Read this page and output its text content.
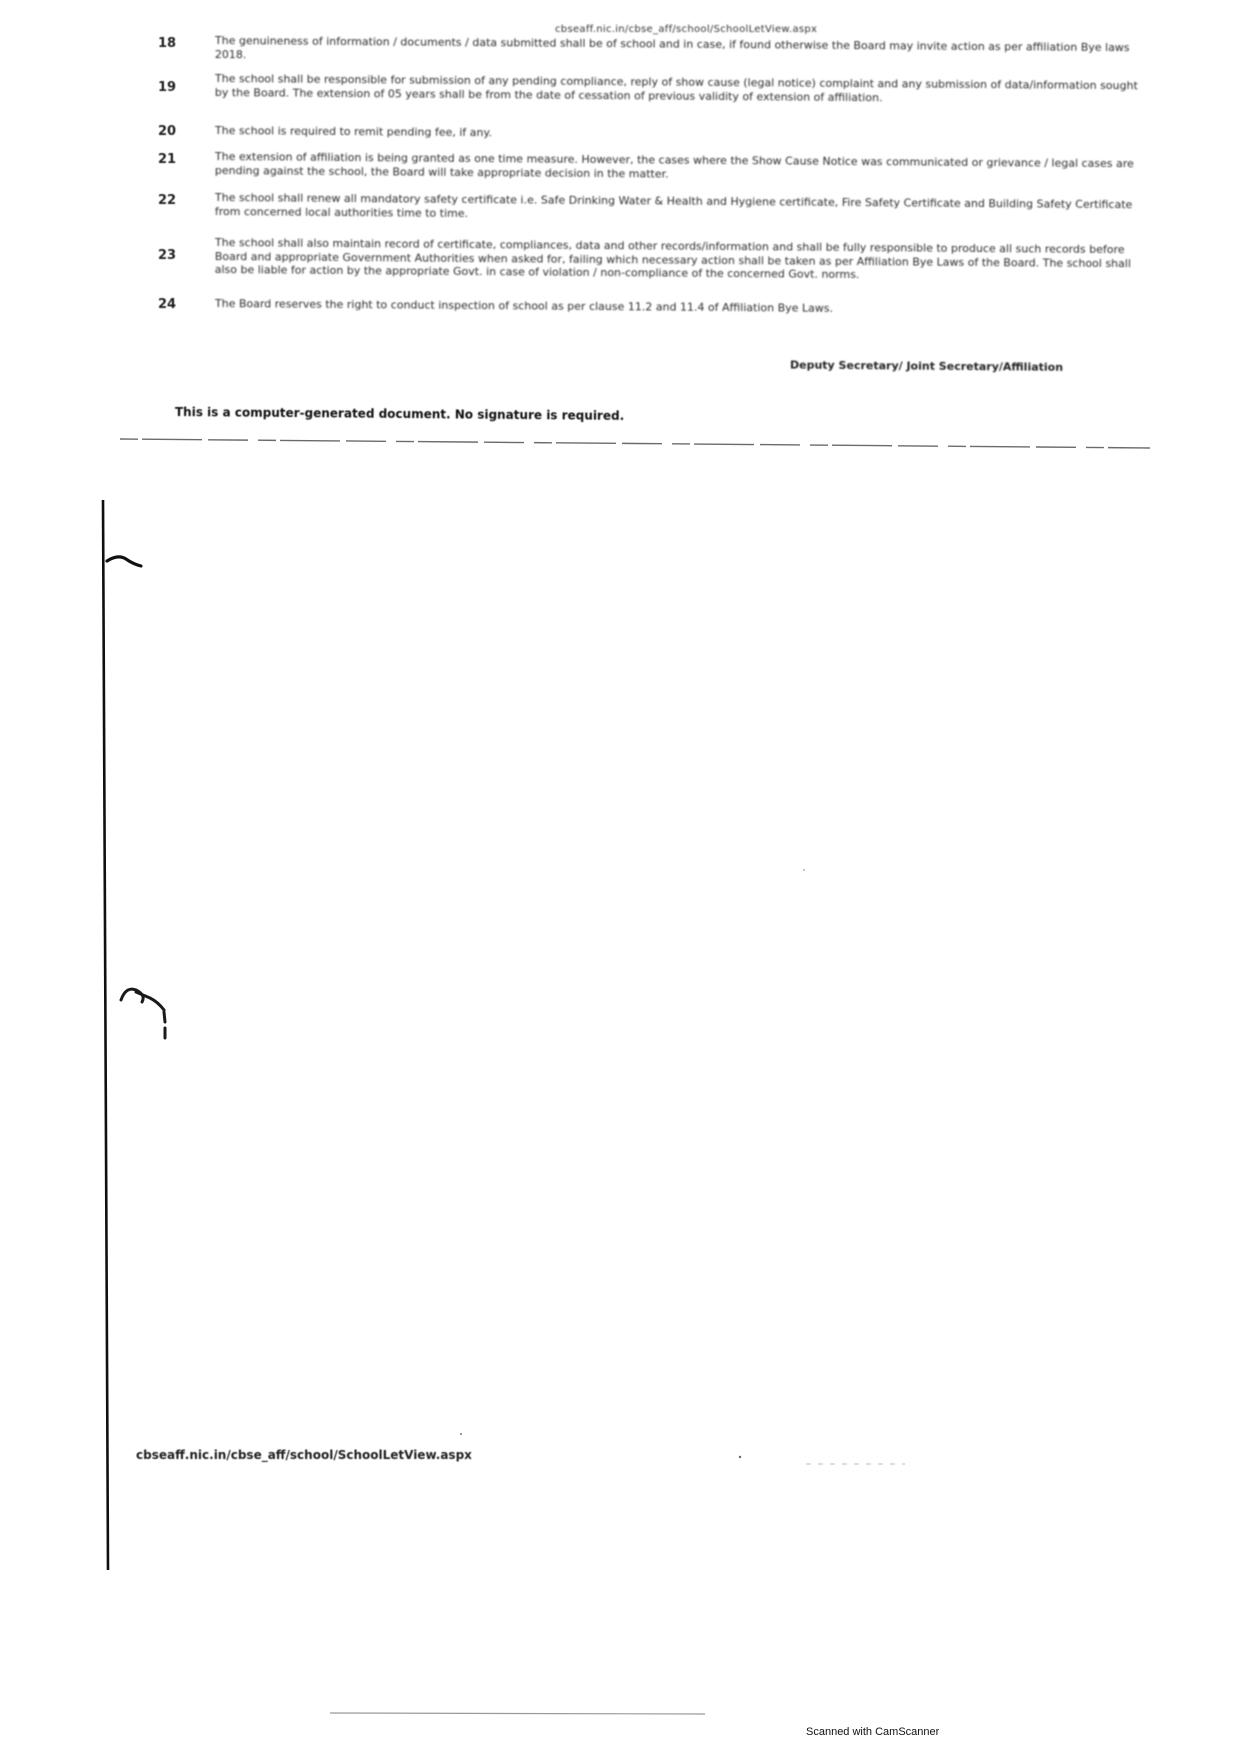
cbseaff.nic.in/cbse_aff/school/SchoolLetView.aspx
18	The genuineness of information / documents / data submitted shall be of school and in case, if found otherwise the Board may invite action as per affiliation Bye laws 2018.
19	The school shall be responsible for submission of any pending compliance, reply of show cause (legal notice) complaint and any submission of data/information sought by the Board. The extension of 05 years shall be from the date of cessation of previous validity of extension of affiliation.
20	The school is required to remit pending fee, if any.
21	The extension of affiliation is being granted as one time measure. However, the cases where the Show Cause Notice was communicated or grievance / legal cases are pending against the school, the Board will take appropriate decision in the matter.
22	The school shall renew all mandatory safety certificate i.e. Safe Drinking Water & Health and Hygiene certificate, Fire Safety Certificate and Building Safety Certificate from concerned local authorities time to time.
23	The school shall also maintain record of certificate, compliances, data and other records/information and shall be fully responsible to produce all such records before Board and appropriate Government Authorities when asked for, failing which necessary action shall be taken as per Affiliation Bye Laws of the Board. The school shall also be liable for action by the appropriate Govt. in case of violation / non-compliance of the concerned Govt. norms.
24	The Board reserves the right to conduct inspection of school as per clause 11.2 and 11.4 of Affiliation Bye Laws.
Deputy Secretary/ Joint Secretary/Affiliation
This is a computer-generated document. No signature is required.
cbseaff.nic.in/cbse_aff/school/SchoolLetView.aspx
Scanned with CamScanner
